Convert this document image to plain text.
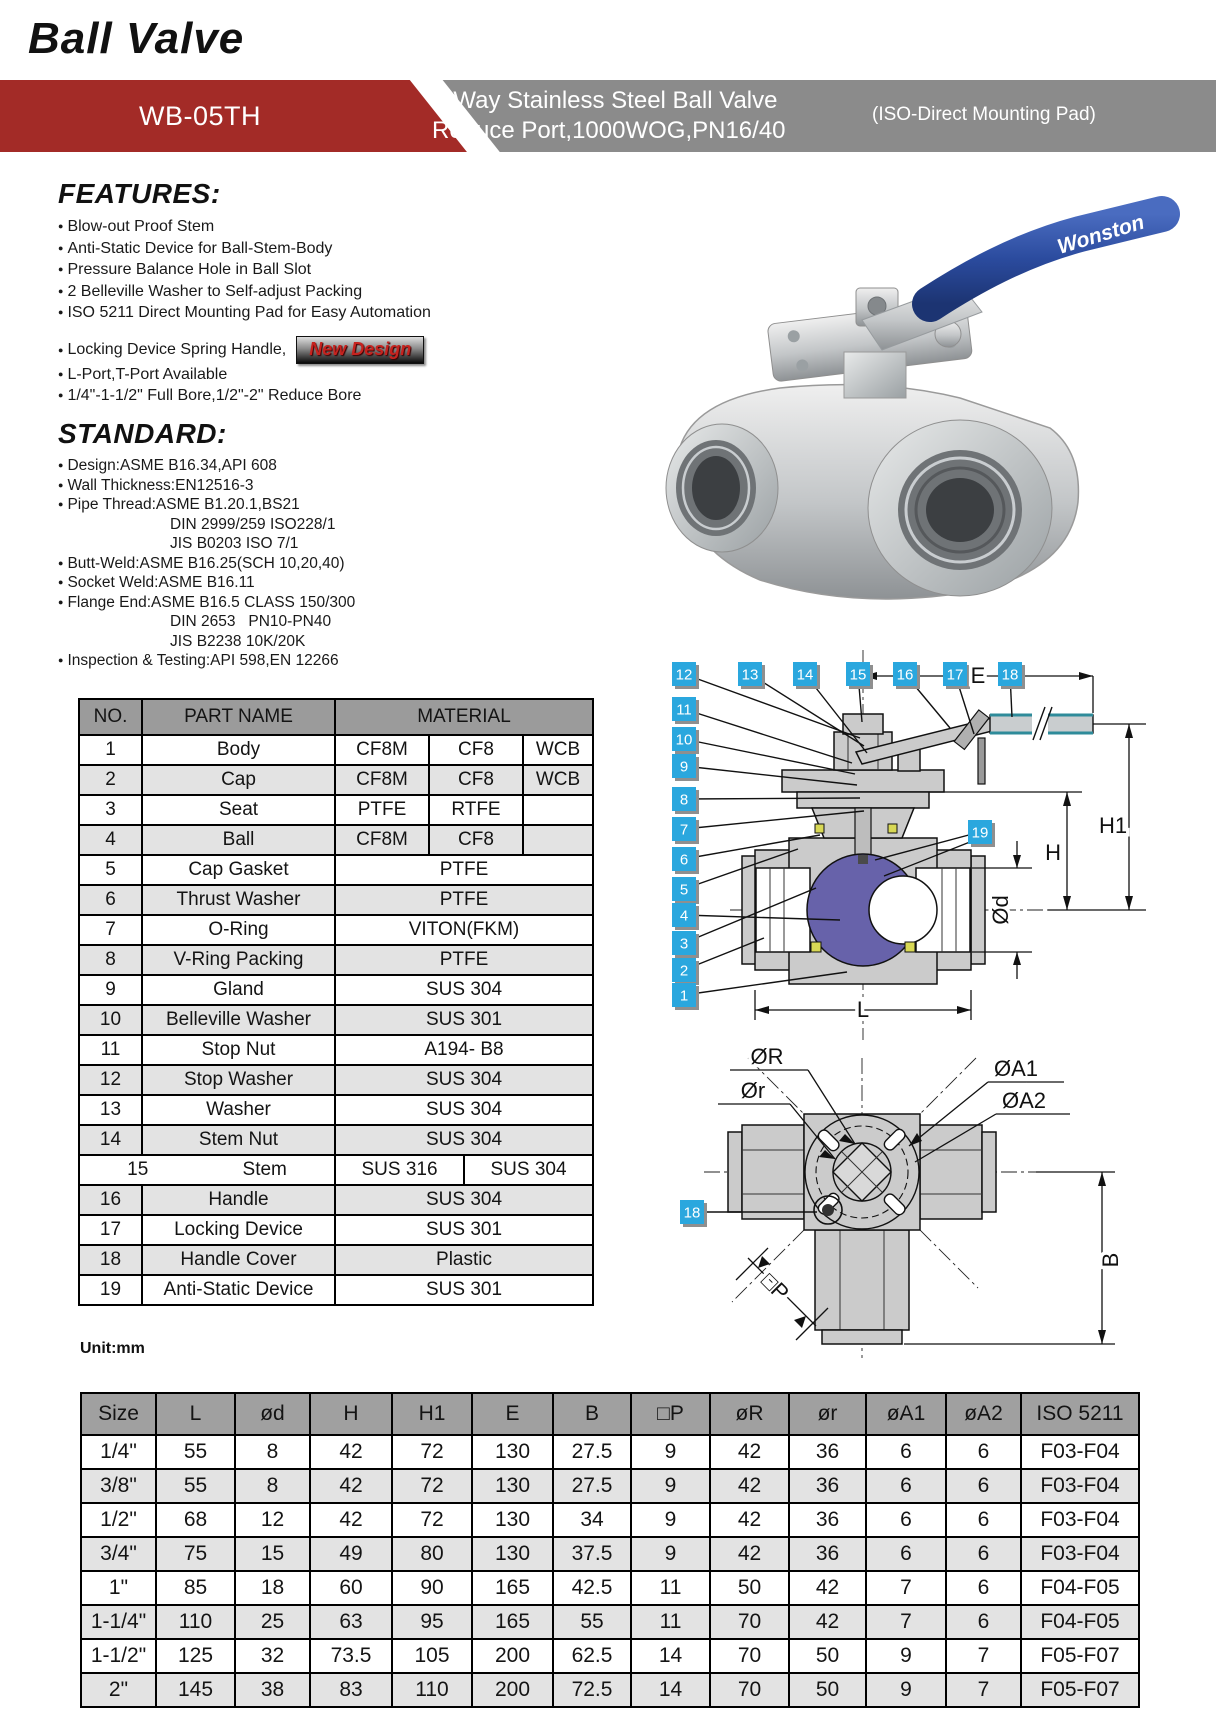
Ball Valve
WB-05TH	3-Way Stainless Steel Ball Valve
Reduce Port,1000WOG,PN16/40
(ISO-Direct Mounting Pad)
FEATURES:
● Blow-out Proof Stem
● Anti-Static Device for Ball-Stem-Body
● Pressure Balance Hole in Ball Slot
● 2 Belleville Washer to Self-adjust Packing
● ISO 5211 Direct Mounting Pad for Easy Automation
● Locking Device Spring Handle,	New Design
● L-Port,T-Port Available
● 1/4"-1-1/2" Full Bore,1/2"-2" Reduce Bore
STANDARD:
● Design:ASME B16.34,API 608
● Wall Thickness:EN12516-3
● Pipe Thread:ASME B1.20.1,BS21
DIN 2999/259 ISO228/1
JIS B0203 ISO 7/1
● Butt-Weld:ASME B16.25(SCH 10,20,40)
● Socket Weld:ASME B16.11
● Flange End:ASME B16.5 CLASS 150/300
DIN 2653   PN10-PN40
JIS B2238 10K/20K
● Inspection & Testing:API 598,EN 12266
NO.	PART NAME	MATERIAL
1	Body	CF8M CF8 WCB

2	Cap	CF8M CF8 WCB

3	Seat	PTFE RTFE

4	Ball	CF8M CF8

5	Cap Gasket	PTFE

6	Thrust Washer	PTFE

7	O-Ring	VITON(FKM)

8	V-Ring Packing	PTFE

9	Gland	SUS 304

10	Belleville Washer	SUS 301

11	Stop Nut	A194- B8

12	Stop Washer	SUS 304

13	Washer	SUS 304

14	Stem Nut	SUS 304

15	Stem	SUS 316	SUS 304

16	Handle	SUS 304

17	Locking Device	SUS 301

18	Handle Cover	Plastic

19	Anti-Static Device	SUS 301
Wonston
12	13	14 15 16 17	18
11
10
9
8
7
6
5
4
3
2
1
19
E
H1
H
Ød
L
18
ØR
Ør
ØA1
ØA2
□P
B
Unit:mm
Size	L	ød	H	H1	E	B	□P	øR	ør	øA1	øA2	ISO 5211
1/4"	55	8	42	72	130	27.5	9	42	36	6	6	F03-F04
3/8"	55	8	42	72	130	27.5	9	42	36	6	6	F03-F04
1/2"	68	12	42	72	130	34	9	42	36	6	6	F03-F04
3/4"	75	15	49	80	130	37.5	9	42	36	6	6	F03-F04
1"	85	18	60	90	165	42.5	11	50	42	7	6	F04-F05
1-1/4"	110	25	63	95	165	55	11	70	42	7	6	F04-F05
1-1/2"	125	32	73.5	105	200	62.5	14	70	50	9	7	F05-F07
2"	145	38	83	110	200	72.5	14	70	50	9	7	F05-F07
